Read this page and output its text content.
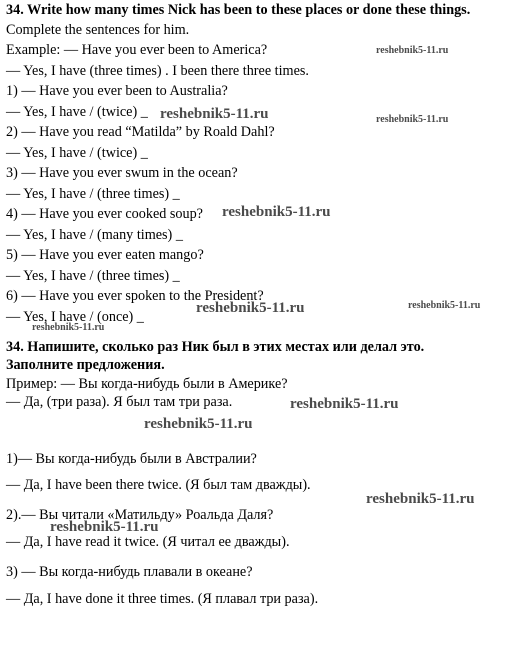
34. Write how many times Nick has been to these places or done these things.
Complete the sentences for him.
Example: — Have you ever been to America?
— Yes, I have (three times) . I been there three times.
1) — Have you ever been to Australia?
— Yes, I have / (twice) _
2) — Have you read “Matilda” by Roald Dahl?
— Yes, I have / (twice) _
3) — Have you ever swum in the ocean?
— Yes, I have / (three times) _
4) — Have you ever cooked soup?
— Yes, I have / (many times) _
5) — Have you ever eaten mango?
— Yes, I have / (three times) _
6) — Have you ever spoken to the President?
— Yes, I have / (once) _
34. Напишите, сколько раз Ник был в этих местах или делал это.
Заполните предложения.
Пример: — Вы когда-нибудь были в Америке?
— Да, (три раза). Я был там три раза.
1)— Вы когда-нибудь были в Австралии?
— Да, I have been there twice. (Я был там дважды).
2).— Вы читали «Матильду» Роальда Даля?
— Да, I have read it twice. (Я читал ее дважды).
3) — Вы когда-нибудь плавали в океане?
— Да, I have done it three times. (Я плавал три раза).
reshebnik5-11.ru
reshebnik5-11.ru
reshebnik5-11.ru
reshebnik5-11.ru
reshebnik5-11.ru	reshebnik5-11.ru
reshebnik5-11.ru
reshebnik5-11.ru
reshebnik5-11.ru
reshebnik5-11.ru
reshebnik5-11.ru
